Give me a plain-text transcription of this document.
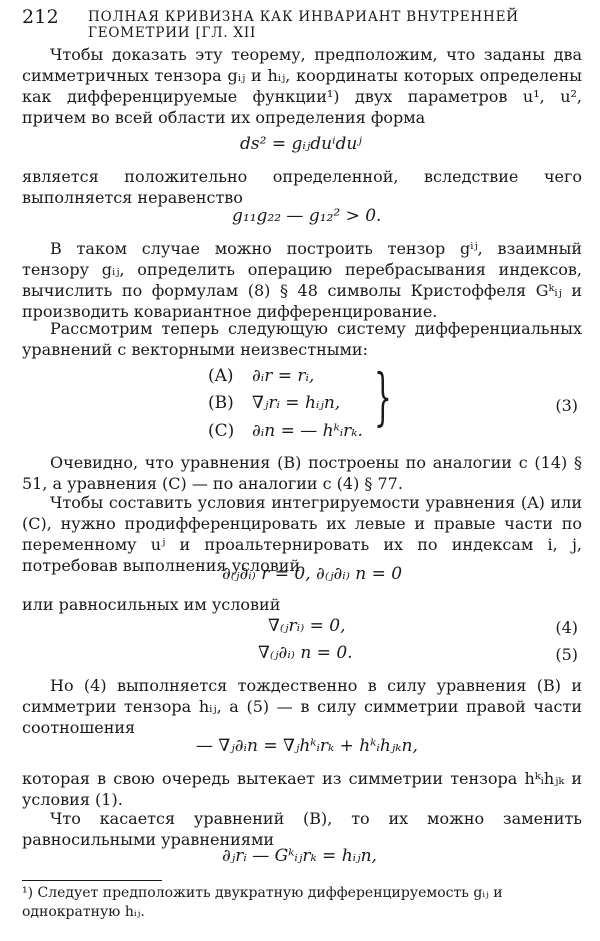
212 ПОЛНАЯ КРИВИЗНА КАК ИНВАРИАНТ ВНУТРЕННЕЙ ГЕОМЕТРИИ [ГЛ. XII
Чтобы доказать эту теорему, предположим, что заданы два симметричных тензора gᵢⱼ и hᵢⱼ, координаты которых определены как дифференцируемые функции¹) двух параметров u¹, u², причем во всей области их определения форма
ds² = gᵢⱼduⁱduʲ
является положительно определенной, вследствие чего выполняется неравенство
g₁₁g₂₂ — g₁₂² > 0.
В таком случае можно построить тензор gⁱʲ, взаимный тензору gᵢⱼ, определить операцию перебрасывания индексов, вычислить по формулам (8) § 48 символы Кристоффеля Gᵏᵢⱼ и производить ковариантное дифференцирование.
Рассмотрим теперь следующую систему дифференциальных уравнений с векторными неизвестными:
(A) ∂ᵢr = rᵢ,
(B) ∇ⱼrᵢ = hᵢⱼn,
(C) ∂ᵢn = — hᵏᵢrₖ. }	(3)
Очевидно, что уравнения (B) построены по аналогии с (14) § 51, а уравнения (C) — по аналогии с (4) § 77.
Чтобы составить условия интегрируемости уравнения (A) или (C), нужно продифференцировать их левые и правые части по переменному uʲ и проальтернировать их по индексам i, j, потребовав выполнения условий
∂₍ⱼ∂ᵢ₎ r = 0, ∂₍ⱼ∂ᵢ₎ n = 0
или равносильных им условий
∇₍ⱼrᵢ₎ = 0,	(4)
∇₍ⱼ∂ᵢ₎ n = 0.	(5)
Но (4) выполняется тождественно в силу уравнения (B) и симметрии тензора hᵢⱼ, а (5) — в силу симметрии правой части соотношения
— ∇ⱼ∂ᵢn = ∇ⱼhᵏᵢrₖ + hᵏᵢhⱼₖn,
которая в свою очередь вытекает из симметрии тензора hᵏᵢhⱼₖ и условия (1).
Что касается уравнений (B), то их можно заменить равносильными уравнениями
∂ⱼrᵢ — Gᵏᵢⱼrₖ = hᵢⱼn,
¹) Следует предположить двукратную дифференцируемость gᵢⱼ и однократную hᵢⱼ.
